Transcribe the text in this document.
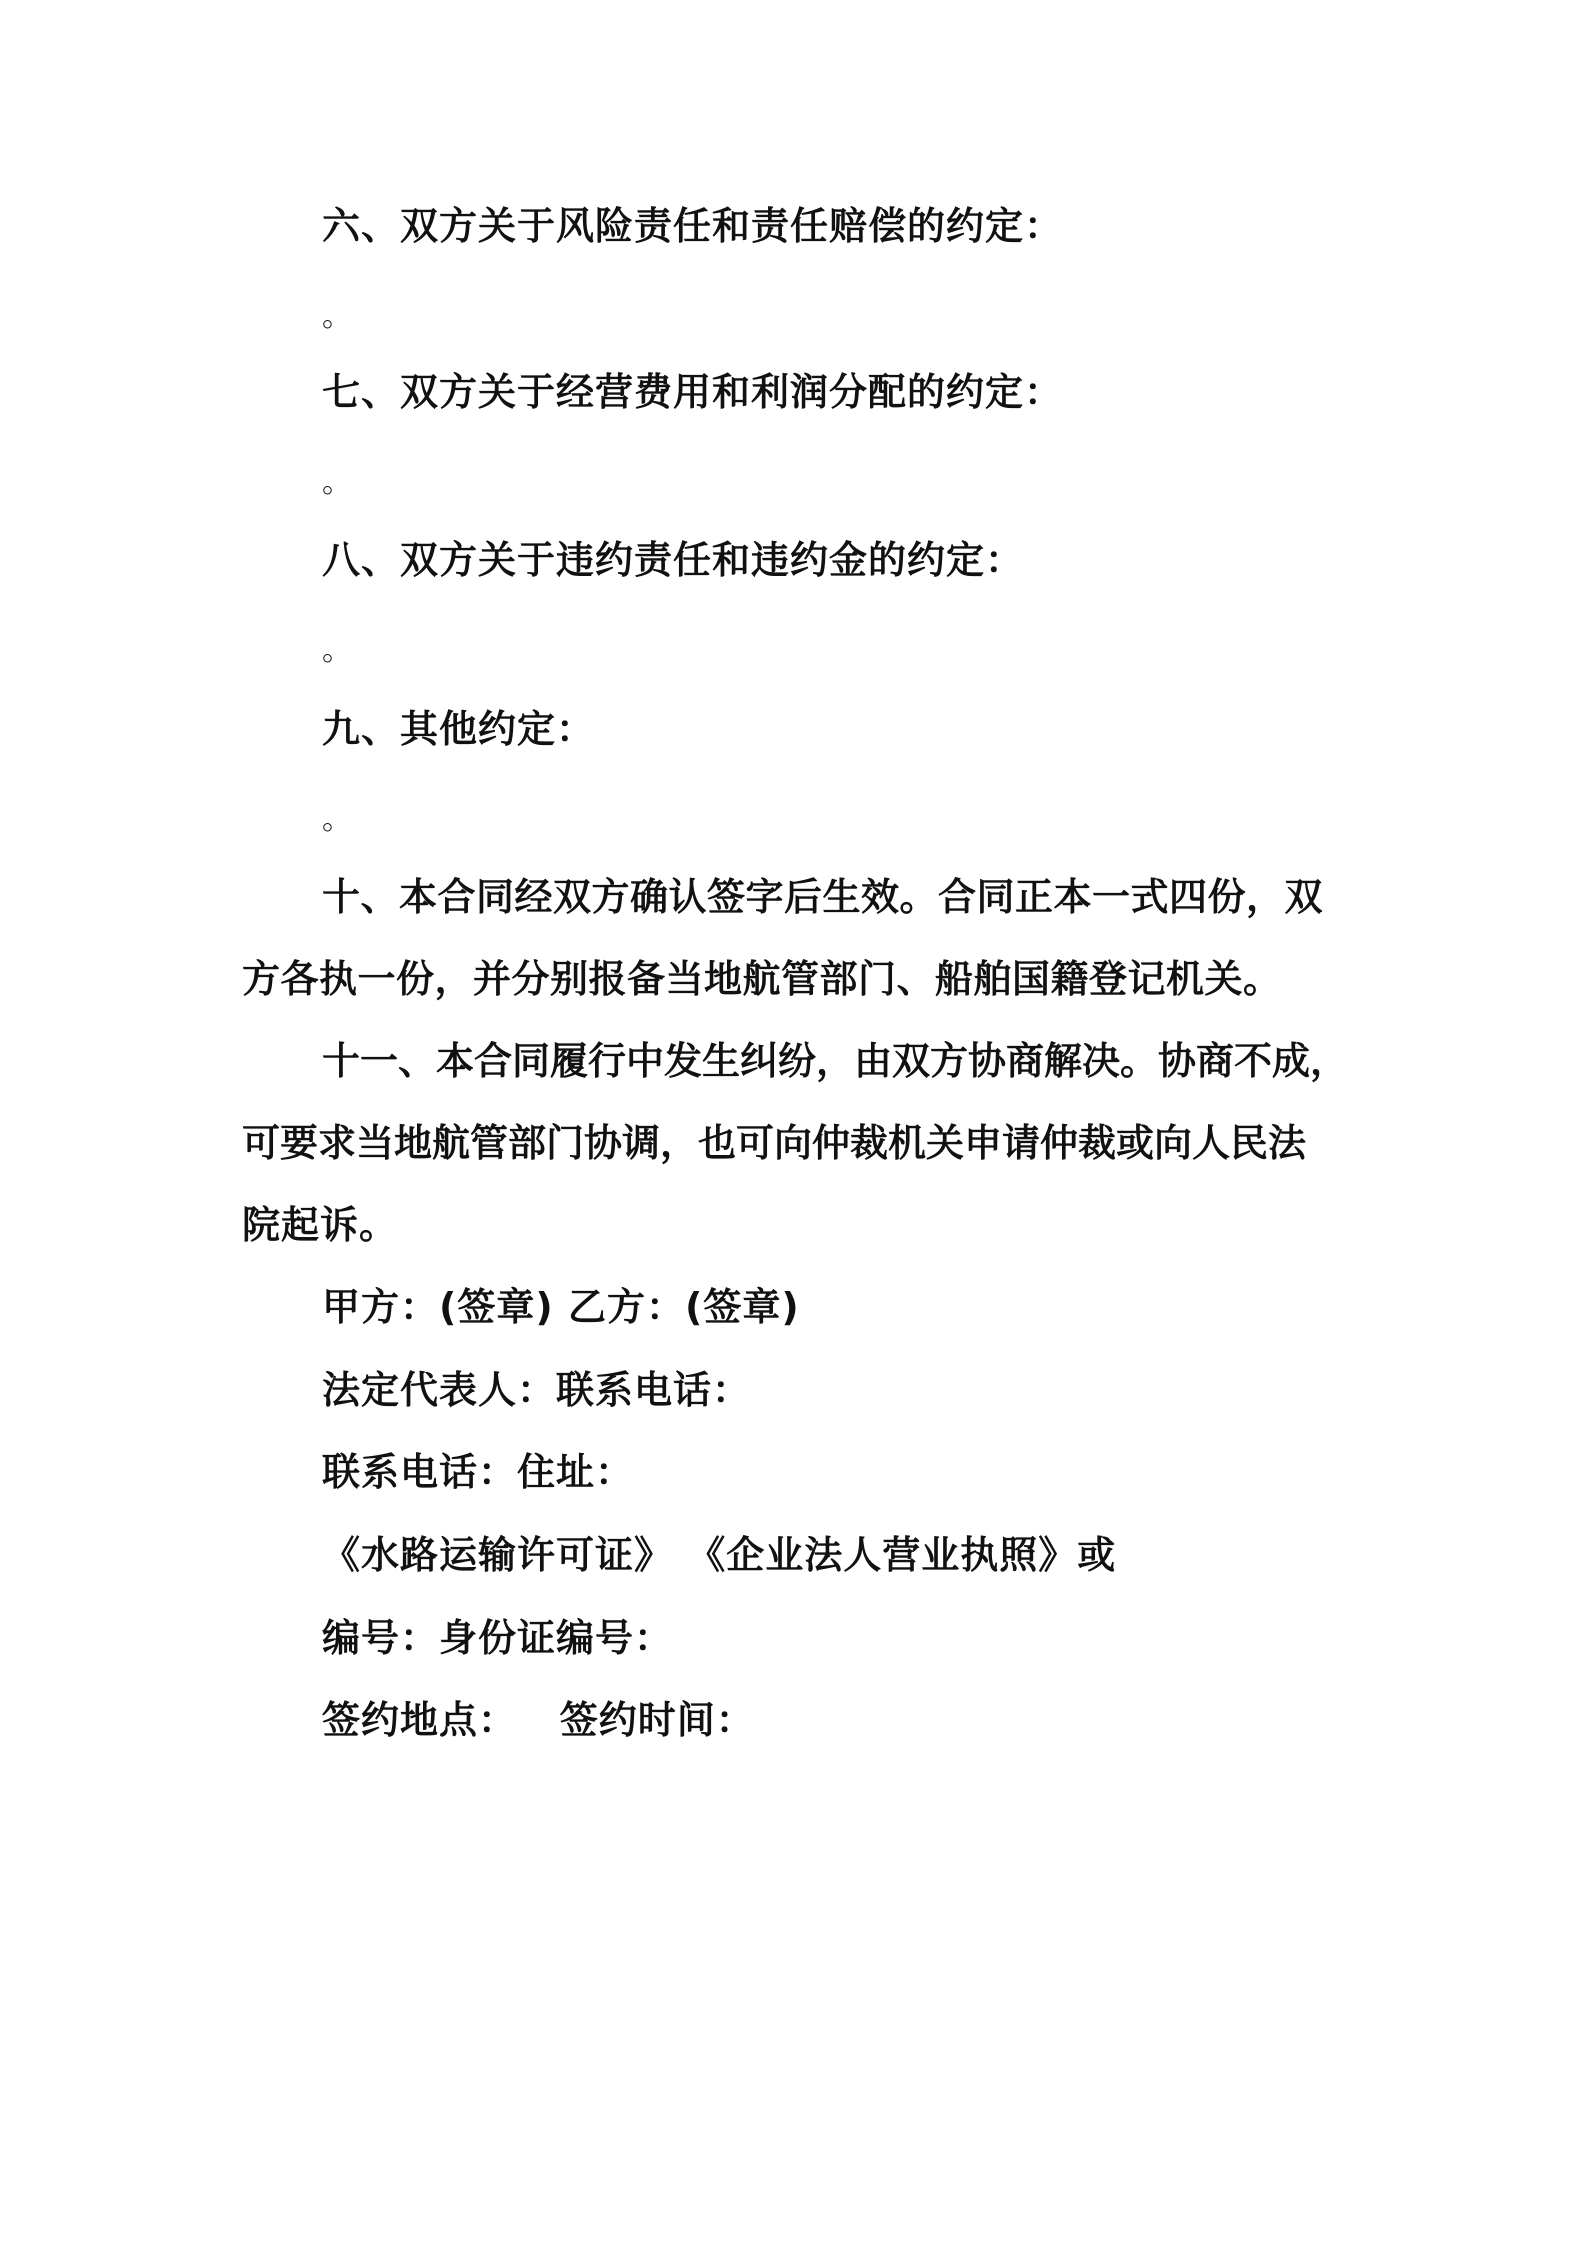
六、双方关于风险责任和责任赔偿的约定：
。
七、双方关于经营费用和利润分配的约定：
。
八、双方关于违约责任和违约金的约定：
。
九、其他约定：
。
十、本合同经双方确认签字后生效。合同正本一式四份，双
方各执一份，并分别报备当地航管部门、船舶国籍登记机关。
十一、本合同履行中发生纠纷，由双方协商解决。协商不成，
可要求当地航管部门协调，也可向仲裁机关申请仲裁或向人民法
院起诉。
甲方：(签章) 乙方：(签章)
法定代表人：联系电话：
联系电话：住址：
《水路运输许可证》 《企业法人营业执照》或
编号：身份证编号：
签约地点：   签约时间：
